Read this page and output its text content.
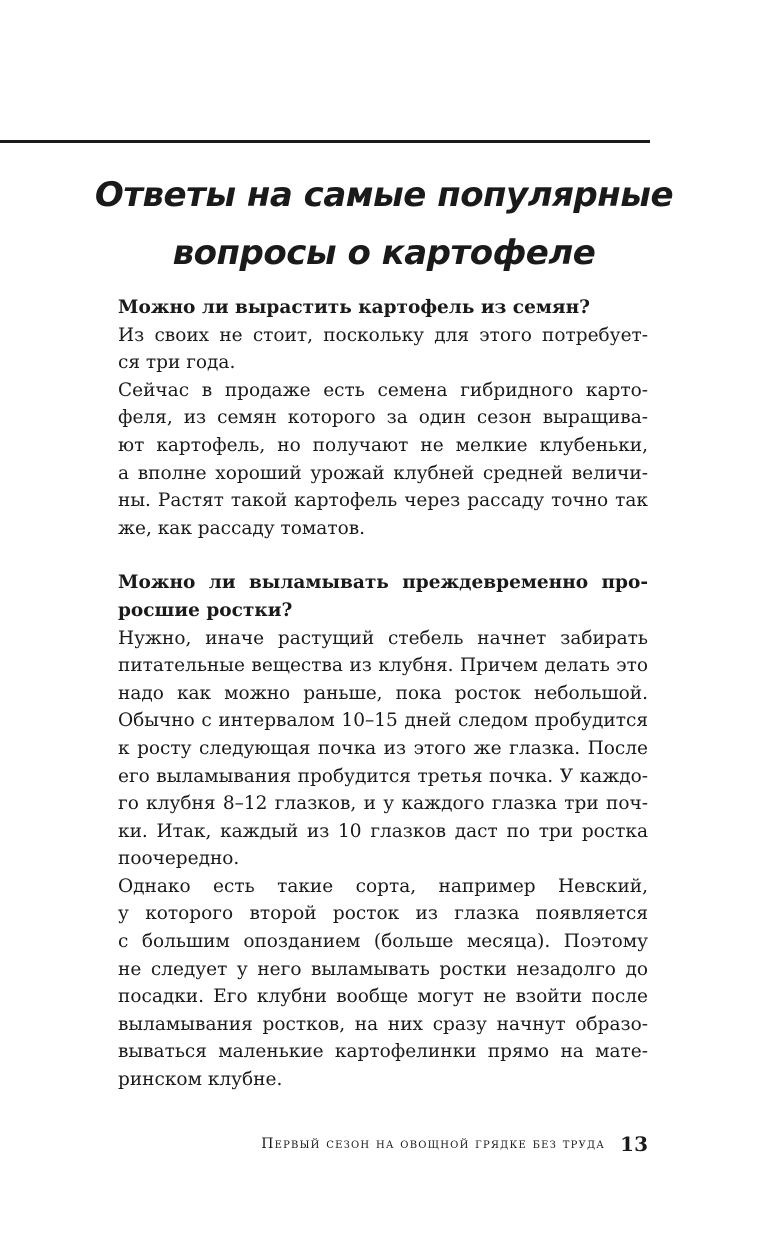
Ответы на самые популярные
вопросы о картофеле
Можно ли вырастить картофель из семян?

Из своих не стоит, поскольку для этого потребует-
ся три года.

Сейчас в продаже есть семена гибридного карто-
феля, из семян которого за один сезон выращива-
ют картофель, но получают не мелкие клубеньки,
а вполне хороший урожай клубней средней величи-
ны. Растят такой картофель через рассаду точно так
же, как рассаду томатов.

Можно ли выламывать преждевременно про-
росшие ростки?

Нужно, иначе растущий стебель начнет забирать
питательные вещества из клубня. Причем делать это
надо как можно раньше, пока росток небольшой.
Обычно с интервалом 10–15 дней следом пробудится
к росту следующая почка из этого же глазка. После
его выламывания пробудится третья почка. У каждо-
го клубня 8–12 глазков, и у каждого глазка три поч-
ки. Итак, каждый из 10 глазков даст по три ростка
поочередно.

Однако есть такие сорта, например Невский,
у которого второй росток из глазка появляется
с большим опозданием (больше месяца). Поэтому
не следует у него выламывать ростки незадолго до
посадки. Его клубни вообще могут не взойти после
выламывания ростков, на них сразу начнут образо-
вываться маленькие картофелинки прямо на мате-
ринском клубне.

Первый сезон на овощной грядке без труда 13
